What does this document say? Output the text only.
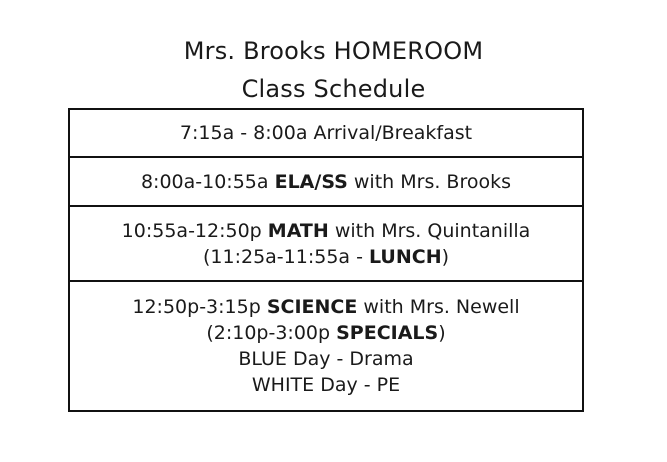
Mrs. Brooks HOMEROOM
Class Schedule
7:15a - 8:00a Arrival/Breakfast
8:00a-10:55a ELA/SS with Mrs. Brooks
10:55a-12:50p MATH with Mrs. Quintanilla
(11:25a-11:55a - LUNCH)
12:50p-3:15p SCIENCE with Mrs. Newell
(2:10p-3:00p SPECIALS)
BLUE Day - Drama
WHITE Day - PE
